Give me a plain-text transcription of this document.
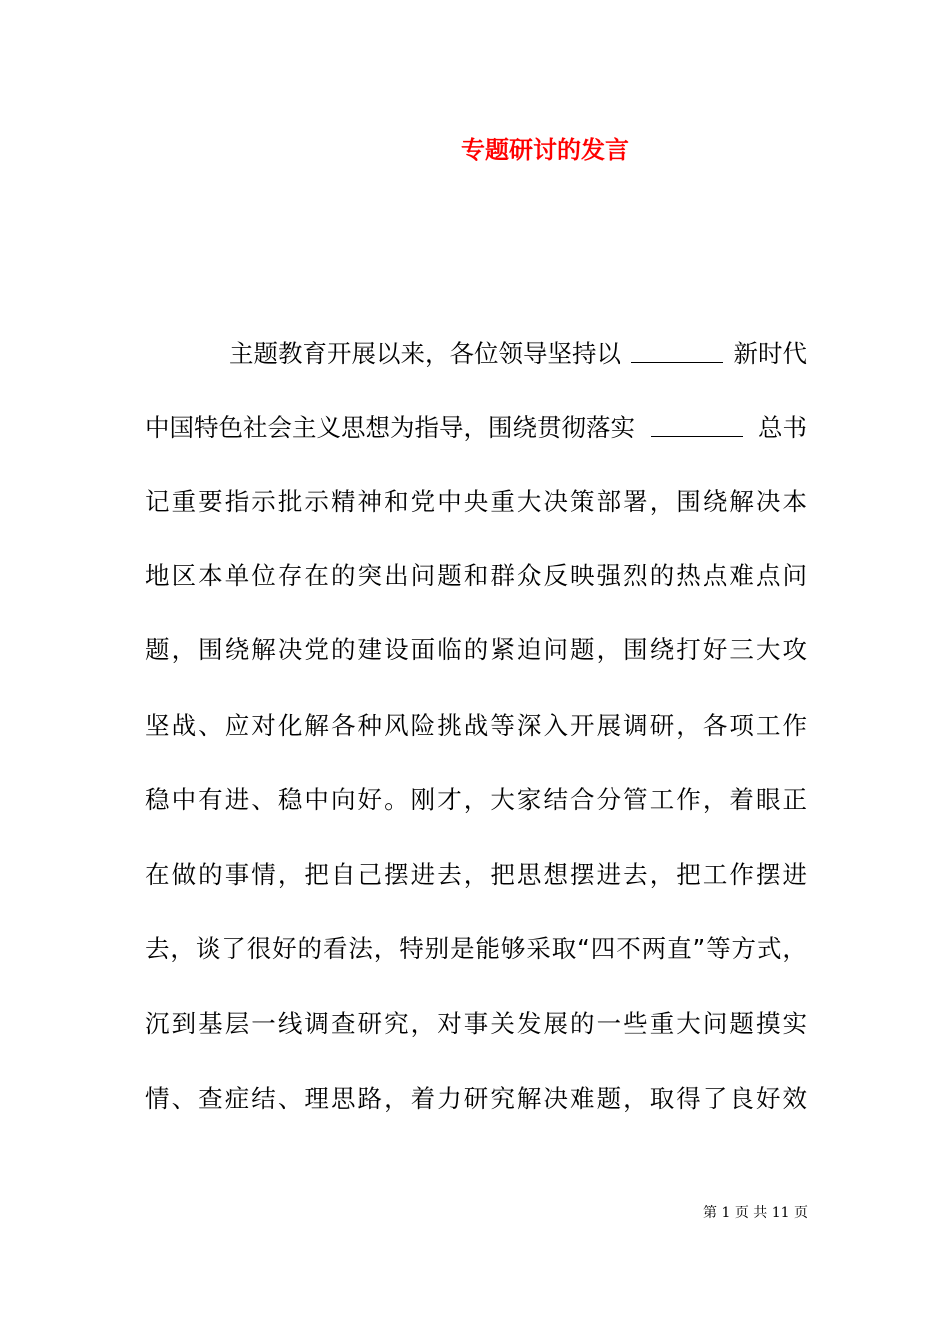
专题研讨的发言
主题教育开展以来，各位领导坚持以	新时代
中国特色社会主义思想为指导，围绕贯彻落实	总书
记 重 要 指 示 批 示 精 神 和 党 中 央 重 大 决 策 部 署 ， 围 绕 解 决 本
地 区 本 单 位 存 在 的 突 出 问 题 和 群 众 反 映 强 烈 的 热 点 难 点 问
题 ， 围 绕 解 决 党 的 建 设 面 临 的 紧 迫 问 题 ， 围 绕 打 好 三 大 攻
坚 战 、 应 对 化 解 各 种 风 险 挑 战 等 深 入 开 展 调 研 ， 各 项 工 作
稳 中 有 进 、 稳 中 向 好 。 刚 才 ， 大 家 结 合 分 管 工 作 ， 着 眼 正
在 做 的 事 情 ， 把 自 己 摆 进 去 ， 把 思 想 摆 进 去 ， 把 工 作 摆 进
去 ， 谈 了 很 好 的 看 法 ， 特 别 是 能 够 采 取 “ 四 不 两 直 ” 等 方 式 ，
沉 到 基 层 一 线 调 查 研 究 ， 对 事 关 发 展 的 一 些 重 大 问 题 摸 实
情 、 查 症 结 、 理 思 路 ， 着 力 研 究 解 决 难 题 ， 取 得 了 良 好 效
第 1 页 共 11 页
